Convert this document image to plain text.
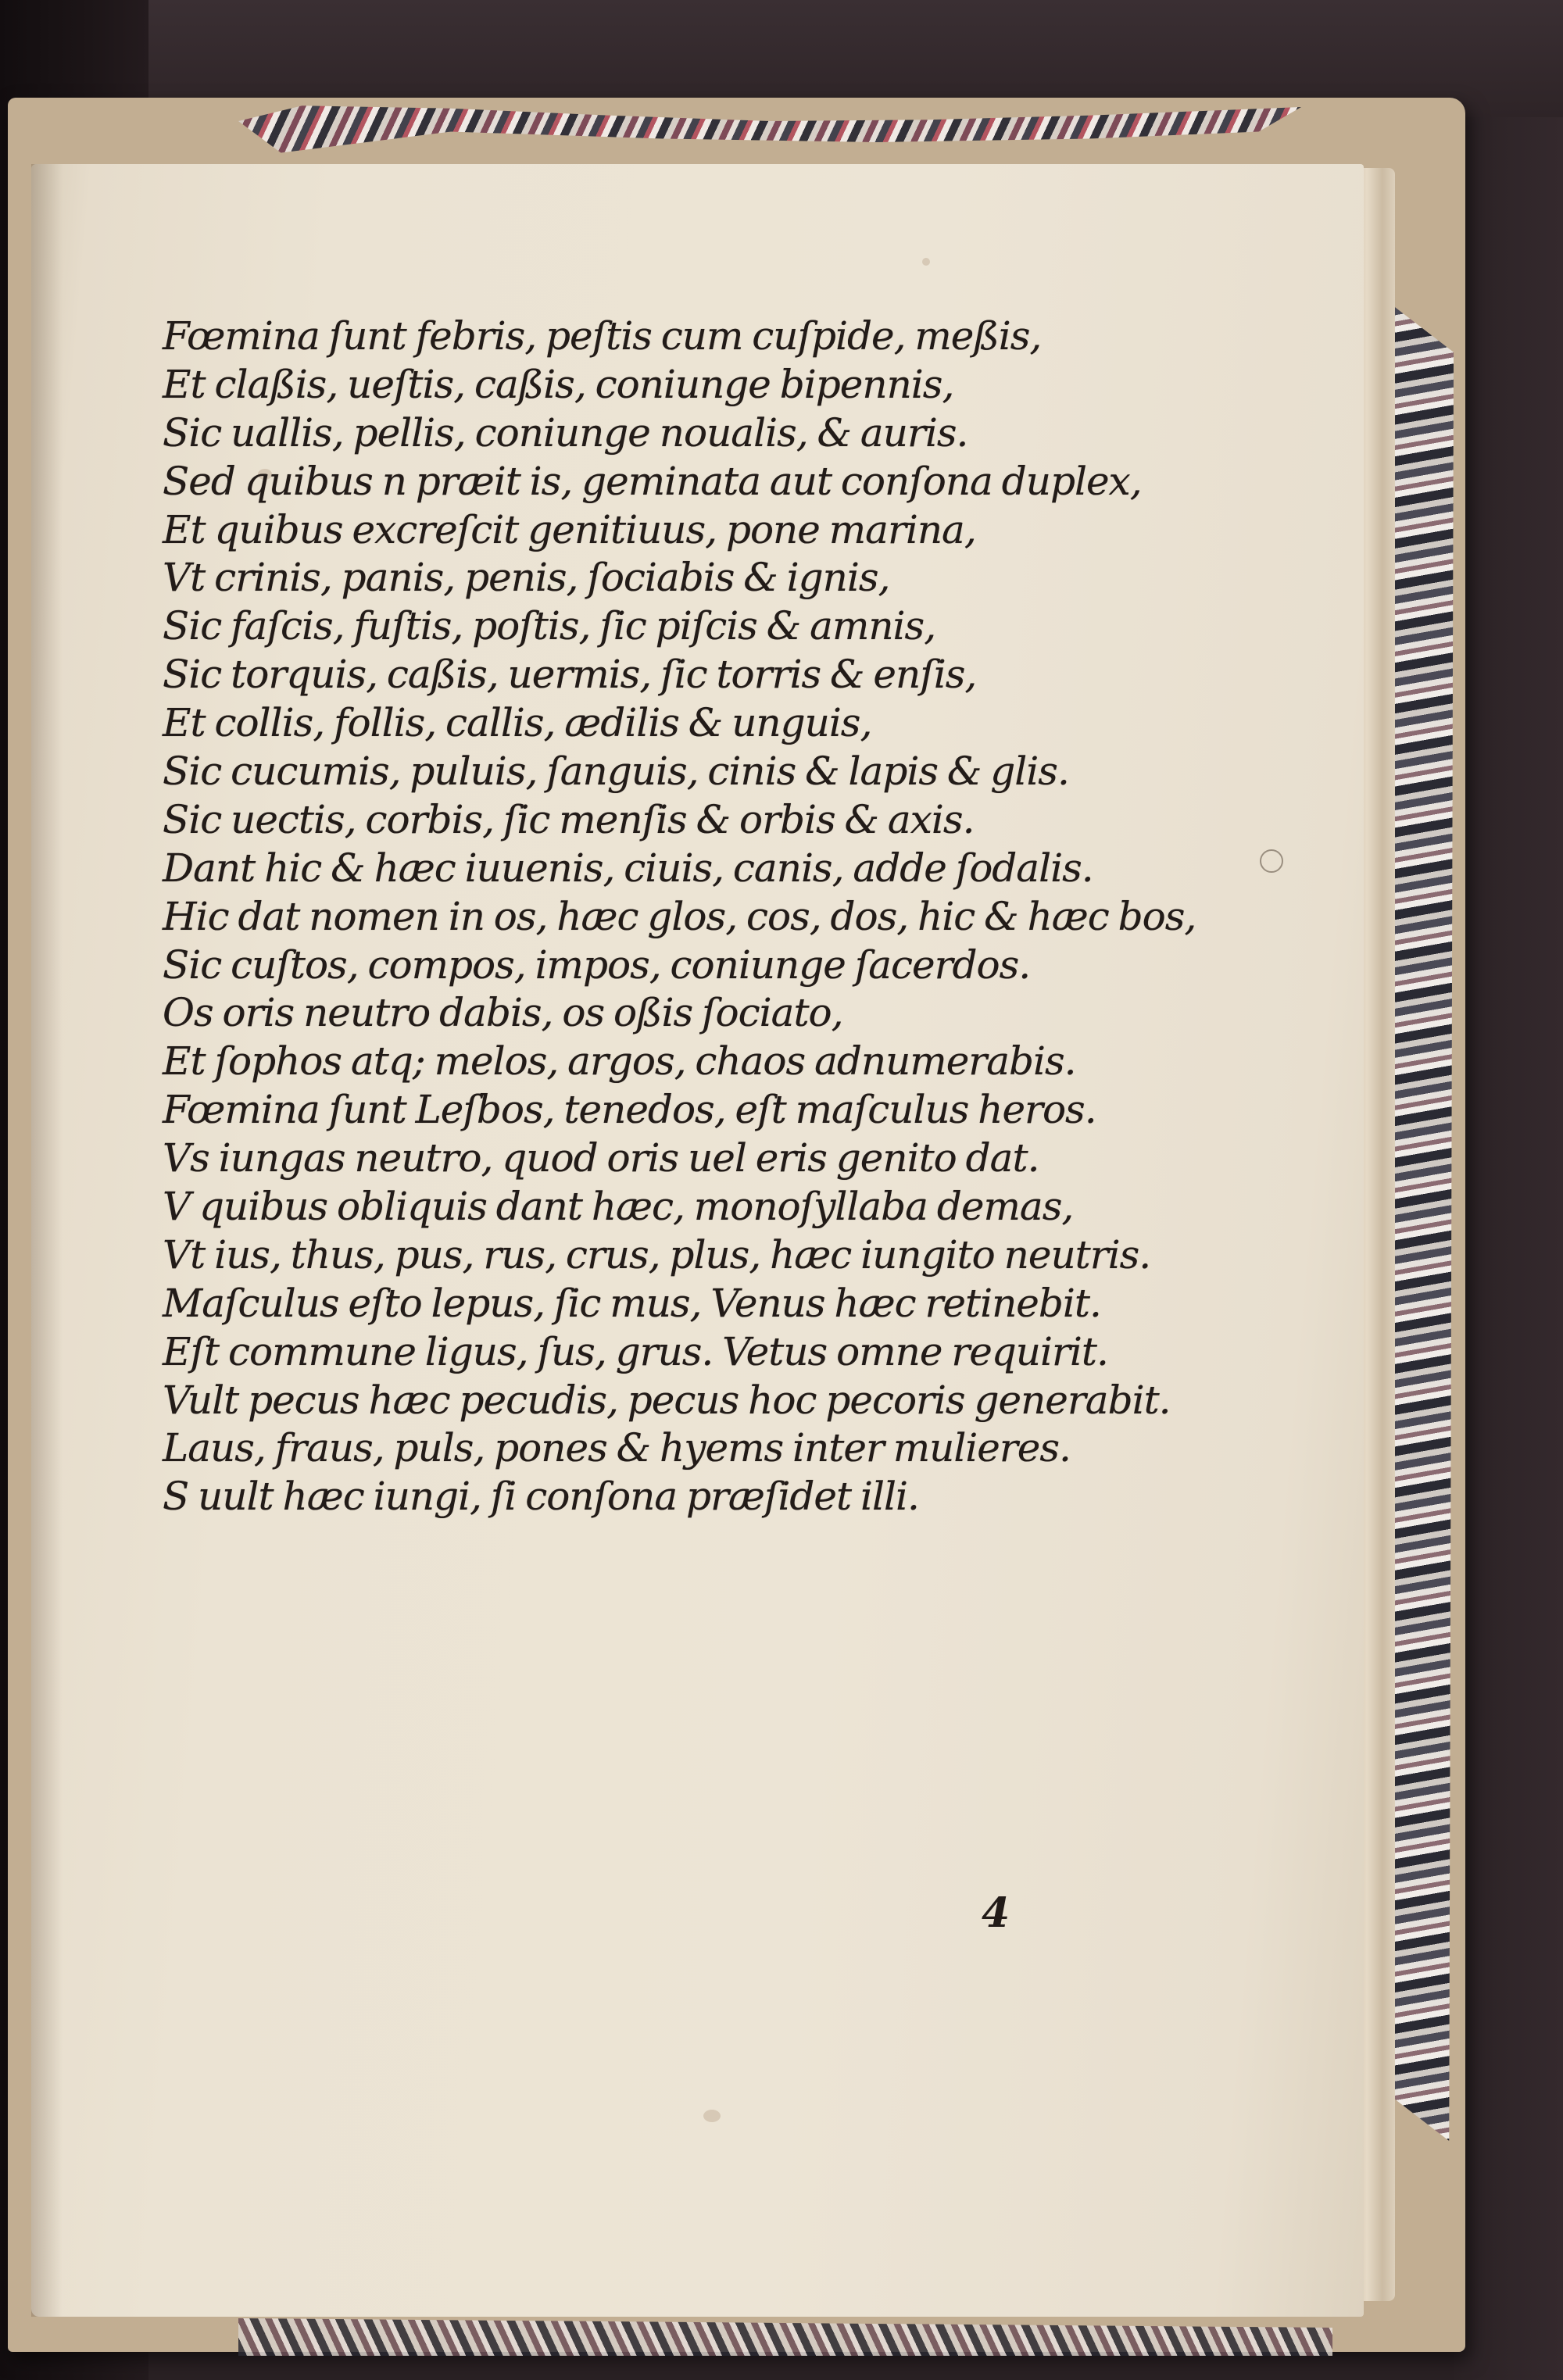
Fœmina ſunt febris, peſtis cum cuſpide, meßis,
Et claßis, ueſtis, caßis, coniunge bipennis,
Sic uallis, pellis, coniunge noualis, & auris.
Sed quibus n præit is, geminata aut conſona duplex,
Et quibus excreſcit genitiuus, pone marina,
Vt crinis, panis, penis, ſociabis & ignis,
Sic faſcis, fuſtis, poſtis, ſic piſcis & amnis,
Sic torquis, caßis, uermis, ſic torris & enſis,
Et collis, follis, callis, ædilis & unguis,
Sic cucumis, puluis, ſanguis, cinis & lapis & glis.
Sic uectis, corbis, ſic menſis & orbis & axis.
Dant hic & hæc iuuenis, ciuis, canis, adde ſodalis.
Hic dat nomen in os, hæc glos, cos, dos, hic & hæc bos,
Sic cuſtos, compos, impos, coniunge ſacerdos.
Os oris neutro dabis, os oßis ſociato,
Et ſophos atq; melos, argos, chaos adnumerabis.
Fœmina ſunt Leſbos, tenedos, eſt maſculus heros.
Vs iungas neutro, quod oris uel eris genito dat.
V quibus obliquis dant hæc, monoſyllaba demas,
Vt ius, thus, pus, rus, crus, plus, hæc iungito neutris.
Maſculus eſto lepus, ſic mus, Venus hæc retinebit.
Eſt commune ligus, ſus, grus. Vetus omne requirit.
Vult pecus hæc pecudis, pecus hoc pecoris generabit.
Laus, fraus, puls, pones & hyems inter mulieres.
S uult hæc iungi, ſi conſona præſidet illi.
4
